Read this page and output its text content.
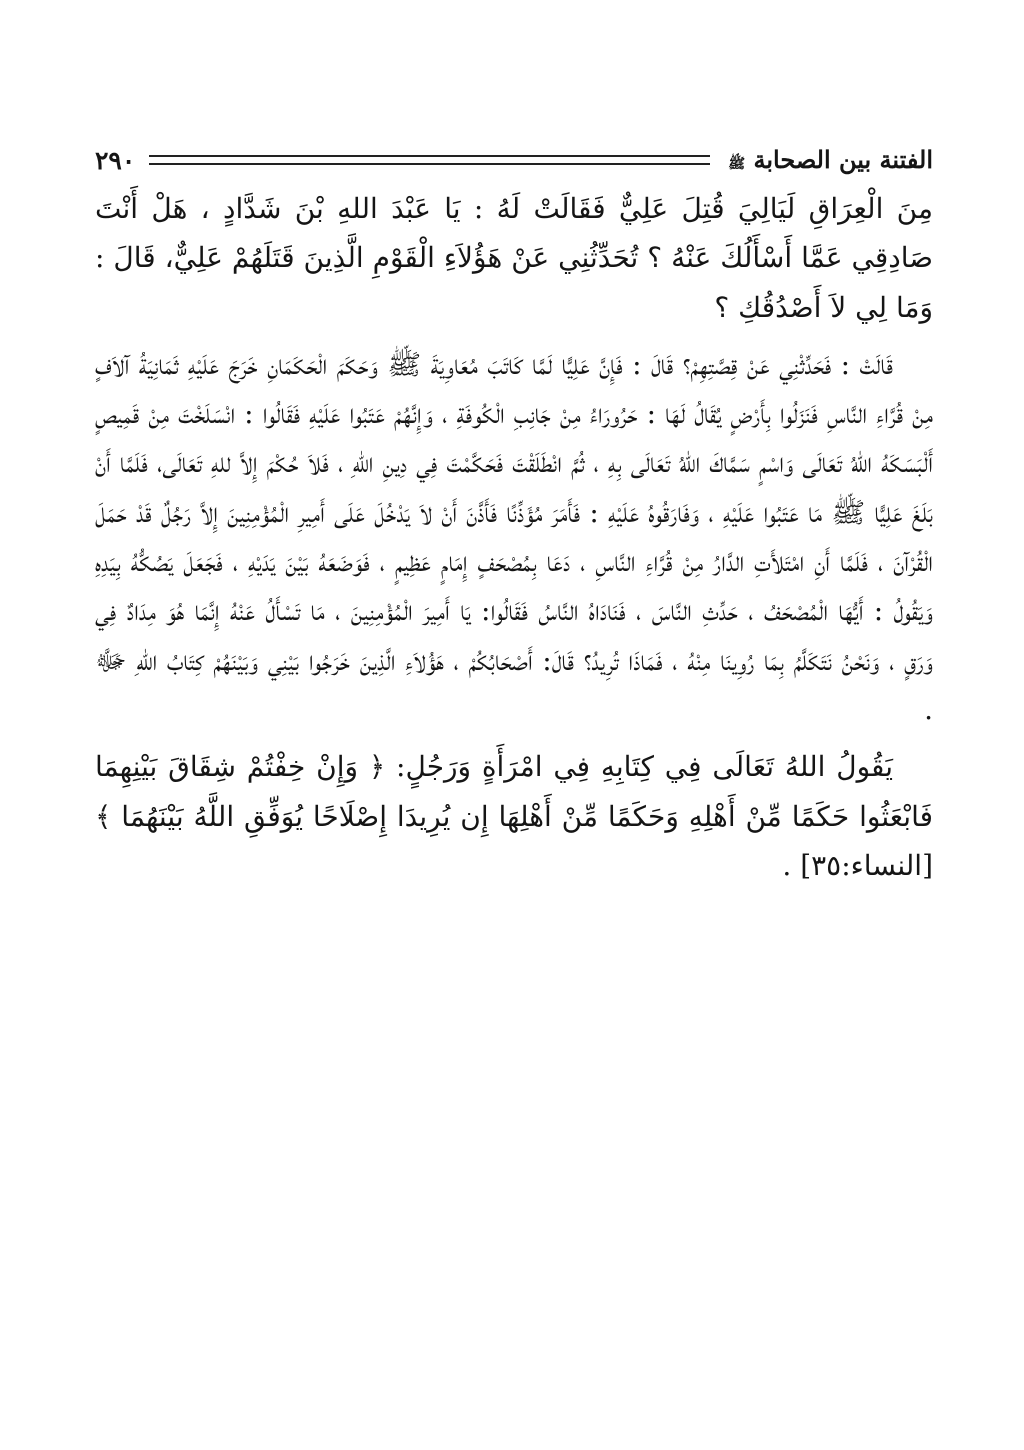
الفتنة بين الصحابة ﷺ
٢٩٠

مِنَ الْعِرَاقِ لَيَالِيَ قُتِلَ عَلِيٌّ فَقَالَتْ لَهُ : يَا عَبْدَ اللهِ بْنَ شَدَّادٍ ، هَلْ أَنْتَ صَادِقِي عَمَّا أَسْأَلُكَ عَنْهُ ؟ تُحَدِّثُنِي عَنْ هَؤُلاَءِ الْقَوْمِ الَّذِينَ قَتَلَهُمْ عَلِيٌّ، قَالَ : وَمَا لِي لاَ أَصْدُقُكِ ؟

قَالَتْ : فَحَدِّثْنِي عَنْ قِصَّتِهِمْ؟ قَالَ : فَإِنَّ عَلِيًّا لَمَّا كَاتَبَ مُعَاوِيَةَ ﷺ وَحَكَمَ الْحَكَمَانِ خَرَجَ عَلَيْهِ ثَمَانِيَةُ آلاَفٍ مِنْ قُرَّاءِ النَّاسِ فَنَزَلُوا بِأَرْضٍ يُقَالُ لَهَا : حَرُورَاءُ مِنْ جَانِبِ الْكُوفَةِ ، وَإِنَّهُمْ عَتَبُوا عَلَيْهِ فَقَالُوا : انْسَلَخْتَ مِنْ قَمِيصٍ أَلْبَسَكَهُ اللهُ تَعَالَى وَاسْمٍ سَمَّاكَ اللهُ تَعَالَى بِهِ ، ثُمَّ انْطَلَقْتَ فَحَكَّمْتَ فِي دِينِ اللهِ ، فَلاَ حُكْمَ إِلاَّ للهِ تَعَالَى، فَلَمَّا أَنْ بَلَغَ عَلِيًّا ﷺ مَا عَتَبُوا عَلَيْهِ ، وَفَارَقُوهُ عَلَيْهِ : فَأَمَرَ مُؤَذِّنًا فَأَذَّنَ أَنْ لاَ يَدْخُلَ عَلَى أَمِيرِ الْمُؤْمِنِينَ إِلاَّ رَجُلٌ قَدْ حَمَلَ الْقُرْآنَ ، فَلَمَّا أَنِ امْتَلأَتِ الدَّارُ مِنْ قُرَّاءِ النَّاسِ ، دَعَا بِمُصْحَفٍ إِمَامٍ عَظِيمٍ ، فَوَضَعَهُ بَيْنَ يَدَيْهِ ، فَجَعَلَ يَصُكُّهُ بِيَدِهِ وَيَقُولُ : أَيُّهَا الْمُصْحَفُ ، حَدِّثِ النَّاسَ ، فَنَادَاهُ النَّاسُ فَقَالُوا: يَا أَمِيرَ الْمُؤْمِنِينَ ، مَا تَسْأَلُ عَنْهُ إِنَّمَا هُوَ مِدَادٌ فِي وَرَقٍ ، وَنَحْنُ نَتَكَلَّمُ بِمَا رُوِينَا مِنْهُ ، فَمَاذَا تُرِيدُ؟ قَالَ: أَصْحَابُكُمْ ، هَؤُلاَءِ الَّذِينَ خَرَجُوا بَيْنِي وَبَيْنَهُمْ كِتَابُ اللهِ ﷻ .

يَقُولُ اللهُ تَعَالَى فِي كِتَابِهِ فِي امْرَأَةٍ وَرَجُلٍ: ﴿ وَإِنْ خِفْتُمْ شِقَاقَ بَيْنِهِمَا فَابْعَثُوا حَكَمًا مِّنْ أَهْلِهِ وَحَكَمًا مِّنْ أَهْلِهَا إِن يُرِيدَا إِصْلَاحًا يُوَفِّقِ اللَّهُ بَيْنَهُمَا ﴾ [النساء:٣٥] .
